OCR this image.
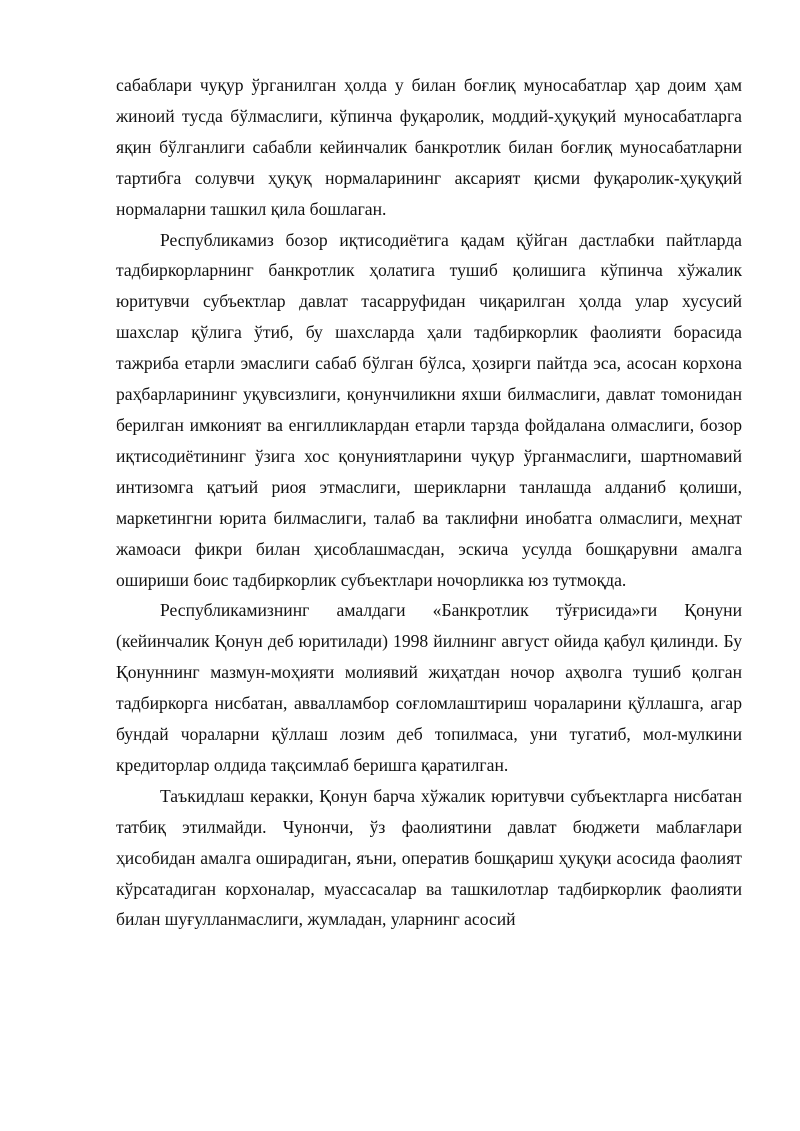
сабаблари чуқур ўрганилган ҳолда у билан боғлиқ муносабатлар ҳар доим ҳам жиноий тусда бўлмаслиги, кўпинча фуқаролик, моддий-ҳуқуқий муносабатларга яқин бўлганлиги сабабли кейинчалик банкротлик билан боғлиқ муносабатларни тартибга солувчи ҳуқуқ нормаларининг аксарият қисми фуқаролик-ҳуқуқий нормаларни ташкил қила бошлаган.

Республикамиз бозор иқтисодиётига қадам қўйган дастлабки пайтларда тадбиркорларнинг банкротлик ҳолатига тушиб қолишига кўпинча хўжалик юритувчи субъектлар давлат тасарруфидан чиқарилган ҳолда улар хусусий шахслар қўлига ўтиб, бу шахсларда ҳали тадбиркорлик фаолияти борасида тажриба етарли эмаслиги сабаб бўлган бўлса, ҳозирги пайтда эса, асосан корхона раҳбарларининг уқувсизлиги, қонунчиликни яхши билмаслиги, давлат томонидан берилган имконият ва енгилликлардан етарли тарзда фойдалана олмаслиги, бозор иқтисодиётининг ўзига хос қонуниятларини чуқур ўрганмаслиги, шартномавий интизомга қатъий риоя этмаслиги, шерикларни танлашда алданиб қолиши, маркетингни юрита билмаслиги, талаб ва таклифни инобатга олмаслиги, меҳнат жамоаси фикри билан ҳисоблашмасдан, эскича усулда бошқарувни амалга ошириши боис тадбиркорлик субъектлари ночорликка юз тутмоқда.

Республикамизнинг амалдаги «Банкротлик тўғрисида»ги Қонуни (кейинчалик Қонун деб юритилади) 1998 йилнинг август ойида қабул қилинди. Бу Қонуннинг мазмун-моҳияти молиявий жиҳатдан ночор аҳволга тушиб қолган тадбиркорга нисбатан, аввалламбор соғломлаштириш чораларини қўллашга, агар бундай чораларни қўллаш лозим деб топилмаса, уни тугатиб, мол-мулкини кредиторлар олдида тақсимлаб беришга қаратилган.

Таъкидлаш керакки, Қонун барча хўжалик юритувчи субъектларга нисбатан татбиқ этилмайди. Чунончи, ўз фаолиятини давлат бюджети маблағлари ҳисобидан амалга оширадиган, яъни, оператив бошқариш ҳуқуқи асосида фаолият кўрсатадиган корхоналар, муассасалар ва ташкилотлар тадбиркорлик фаолияти билан шуғулланмаслиги, жумладан, уларнинг асосий
